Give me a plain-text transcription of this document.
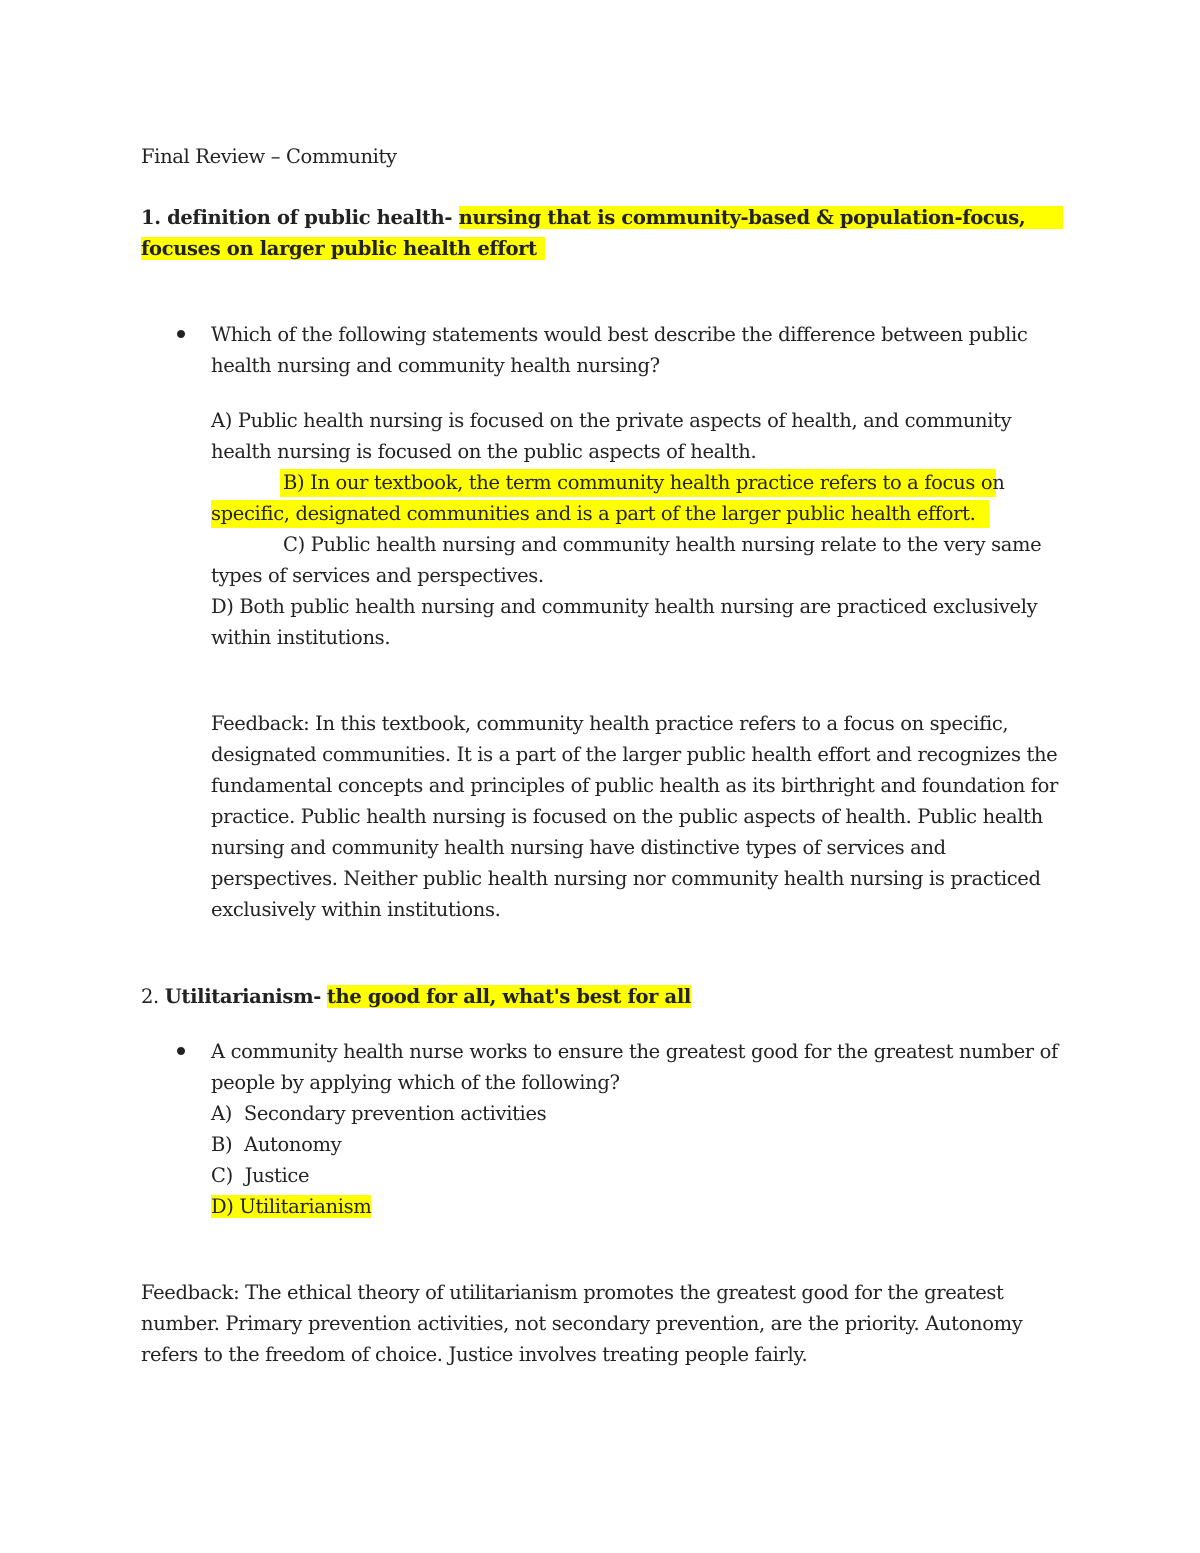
Final Review – Community
1. definition of public health- nursing that is community-based & population-focus,
focuses on larger public health effort
Which of the following statements would best describe the difference between public
health nursing and community health nursing?
A) Public health nursing is focused on the private aspects of health, and community
health nursing is focused on the public aspects of health.
B) In our textbook, the term community health practice refers to a focus on
specific, designated communities and is a part of the larger public health effort.
C) Public health nursing and community health nursing relate to the very same
types of services and perspectives.
D) Both public health nursing and community health nursing are practiced exclusively
within institutions.
Feedback: In this textbook, community health practice refers to a focus on specific,
designated communities. It is a part of the larger public health effort and recognizes the
fundamental concepts and principles of public health as its birthright and foundation for
practice. Public health nursing is focused on the public aspects of health. Public health
nursing and community health nursing have distinctive types of services and
perspectives. Neither public health nursing nor community health nursing is practiced
exclusively within institutions.
2. Utilitarianism- the good for all, what's best for all
A community health nurse works to ensure the greatest good for the greatest number of
people by applying which of the following?
A) Secondary prevention activities
B) Autonomy
C) Justice
D) Utilitarianism
Feedback: The ethical theory of utilitarianism promotes the greatest good for the greatest
number. Primary prevention activities, not secondary prevention, are the priority. Autonomy
refers to the freedom of choice. Justice involves treating people fairly.
